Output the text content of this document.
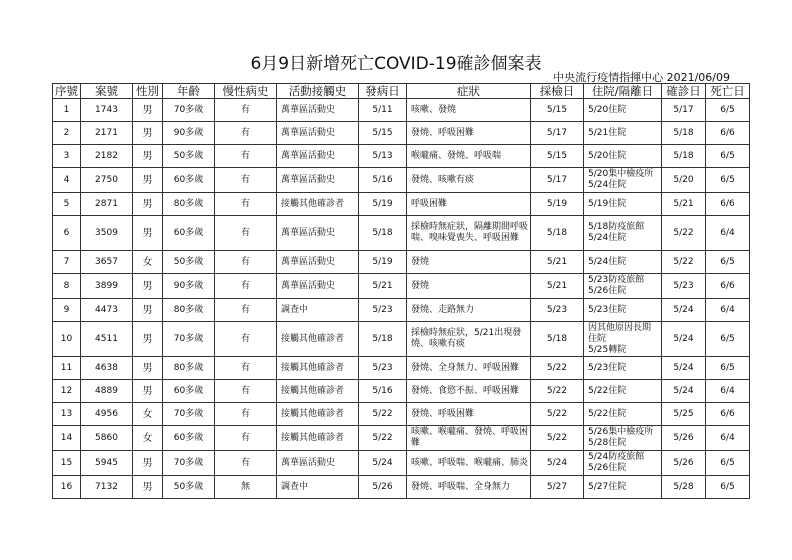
6月9日新增死亡COVID-19確診個案表
中央流行疫情指揮中心 2021/06/09
序號	案號	性別	年齡	慢性病史	活動接觸史	發病日	症狀	採檢日	住院/隔離日	確診日	死亡日
1	1743	男	70多歲	有	萬華區活動史	5/11	咳嗽、發燒	5/15	5/20住院	5/17	6/5
2	2171	男	90多歲	有	萬華區活動史	5/15	發燒、呼吸困難	5/17	5/21住院	5/18	6/6
3	2182	男	50多歲	有	萬華區活動史	5/13	喉嚨痛、發燒、呼吸喘	5/15	5/20住院	5/18	6/5
4	2750	男	60多歲	有	萬華區活動史	5/16	發燒、咳嗽有痰	5/17	5/20集中檢疫所
5/24住院	5/20	6/5
5	2871	男	80多歲	有	接觸其他確診者	5/19	呼吸困難	5/19	5/19住院	5/21	6/6
6	3509	男	60多歲	有	萬華區活動史	5/18	採檢時無症狀，隔離期間呼吸喘、嗅味覺喪失、呼吸困難	5/18	5/18防疫旅館
5/24住院	5/22	6/4
7	3657	女	50多歲	有	萬華區活動史	5/19	發燒	5/21	5/24住院	5/22	6/5
8	3899	男	90多歲	有	萬華區活動史	5/21	發燒	5/21	5/23防疫旅館
5/26住院	5/23	6/6
9	4473	男	80多歲	有	調查中	5/23	發燒、走路無力	5/23	5/23住院	5/24	6/4
10	4511	男	70多歲	有	接觸其他確診者	5/18	採檢時無症狀，5/21出現發燒、咳嗽有痰	5/18	因其他原因長期住院
5/25轉院	5/24	6/5
11	4638	男	80多歲	有	接觸其他確診者	5/23	發燒、全身無力、呼吸困難	5/22	5/23住院	5/24	6/5
12	4889	男	60多歲	有	接觸其他確診者	5/16	發燒、食慾不振、呼吸困難	5/22	5/22住院	5/24	6/4
13	4956	女	70多歲	有	接觸其他確診者	5/22	發燒、呼吸困難	5/22	5/22住院	5/25	6/6
14	5860	女	60多歲	有	接觸其他確診者	5/22	咳嗽、喉嚨痛、發燒、呼吸困難	5/22	5/26集中檢疫所
5/28住院	5/26	6/4
15	5945	男	70多歲	有	萬華區活動史	5/24	咳嗽、呼吸喘、喉嚨痛、肺炎	5/24	5/24防疫旅館
5/26住院	5/26	6/5
16	7132	男	50多歲	無	調查中	5/26	發燒、呼吸喘、全身無力	5/27	5/27住院	5/28	6/5
